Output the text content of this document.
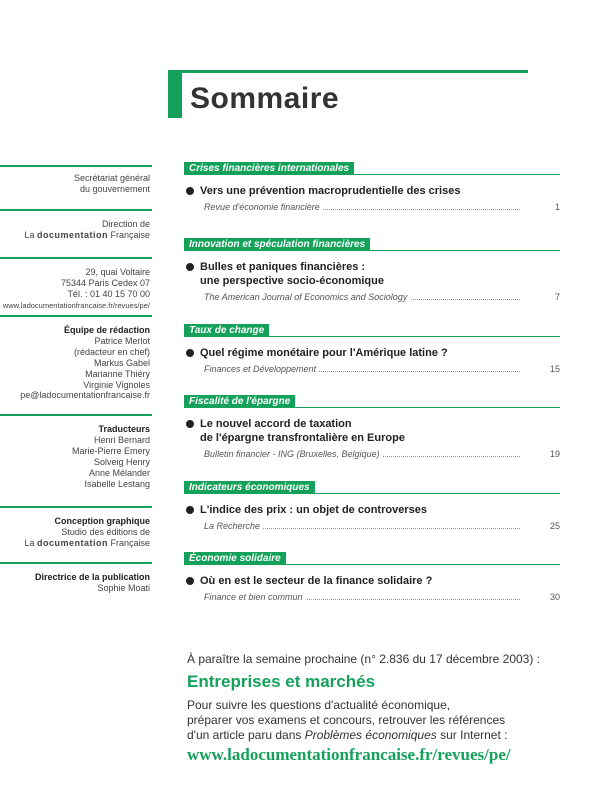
Sommaire
Secrétariat général
du gouvernement
Direction de
La documentation Française
29, quai Voltaire
75344 Paris Cedex 07
Tél. : 01 40 15 70 00
www.ladocumentationfrancaise.fr/revues/pe/
Équipe de rédaction
Patrice Merlot
(rédacteur en chef)
Markus Gabel
Marianne Thiéry
Virginie Vignoles
pe@ladocumentationfrancaise.fr
Traducteurs
Henri Bernard
Marie-Pierre Emery
Solveig Henry
Anne Mélander
Isabelle Lestang
Conception graphique
Studio des éditions de
La documentation Française
Directrice de la publication
Sophie Moati
Crises financières internationales
Vers une prévention macroprudentielle des crises
Revue d'économie financière	1
Innovation et spéculation financières
Bulles et paniques financières :
une perspective socio-économique
The American Journal of Economics and Sociology	7
Taux de change
Quel régime monétaire pour l'Amérique latine ?
Finances et Développement	15
Fiscalité de l'épargne
Le nouvel accord de taxation
de l'épargne transfrontalière en Europe
Bulletin financier - ING (Bruxelles, Belgique)	19
Indicateurs économiques
L'indice des prix : un objet de controverses
La Recherche	25
Économie solidaire
Où en est le secteur de la finance solidaire ?
Finance et bien commun	30
À paraître la semaine prochaine (n° 2.836 du 17 décembre 2003) :
Entreprises et marchés
Pour suivre les questions d'actualité économique,
préparer vos examens et concours, retrouver les références
d'un article paru dans Problèmes économiques sur Internet :
www.ladocumentationfrancaise.fr/revues/pe/
